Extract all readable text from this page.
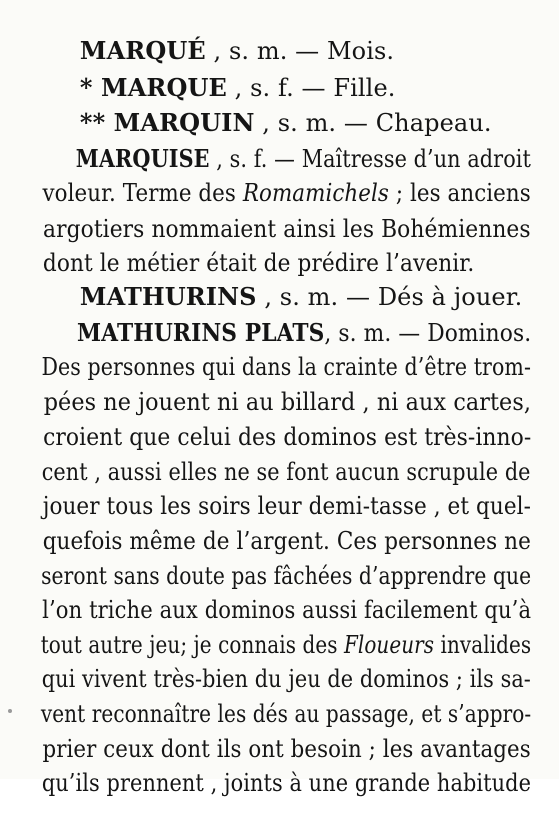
MARQUÉ , s. m. — Mois.

* MARQUE , s. f. — Fille.

** MARQUIN , s. m. — Chapeau.

MARQUISE , s. f. — Maîtresse d’un adroit

voleur. Terme des Romamichels ; les anciens

argotiers nommaient ainsi les Bohémiennes

dont le métier était de prédire l’avenir.

MATHURINS , s. m. — Dés à jouer.

MATHURINS PLATS, s. m. — Dominos.

Des personnes qui dans la crainte d’être trom-

pées ne jouent ni au billard , ni aux cartes,

croient que celui des dominos est très-inno-

cent , aussi elles ne se font aucun scrupule de

jouer tous les soirs leur demi-tasse , et quel-

quefois même de l’argent. Ces personnes ne

seront sans doute pas fâchées d’apprendre que

l’on triche aux dominos aussi facilement qu’à

tout autre jeu; je connais des Floueurs invalides

qui vivent très-bien du jeu de dominos ; ils sa-

vent reconnaître les dés au passage, et s’appro-

prier ceux dont ils ont besoin ; les avantages

qu’ils prennent , joints à une grande habitude
